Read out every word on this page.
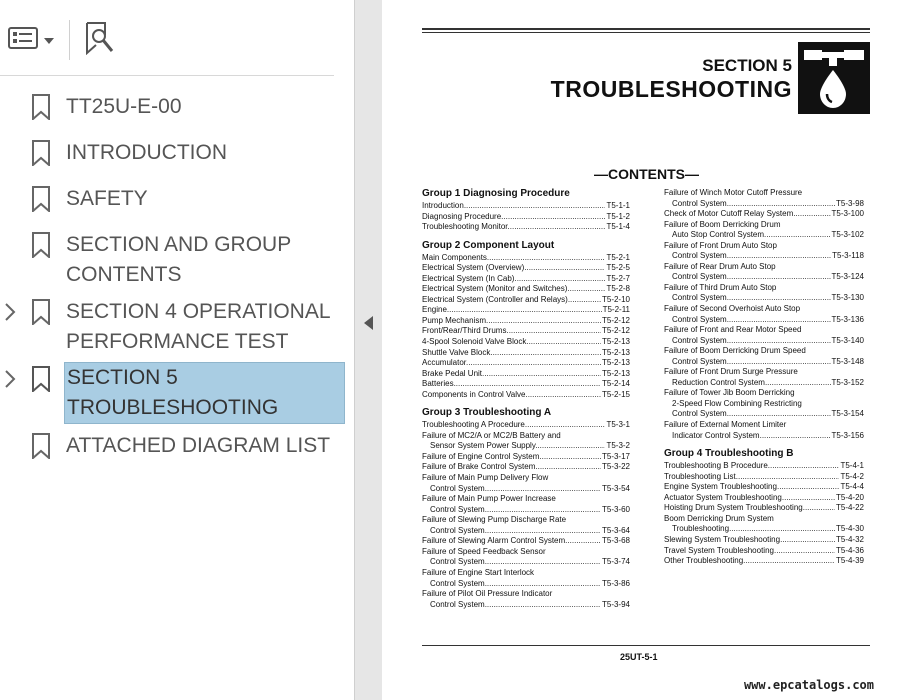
TT25U-E-00
INTRODUCTION
SAFETY
SECTION AND GROUP
CONTENTS
SECTION 4 OPERATIONAL
PERFORMANCE TEST
SECTION 5
TROUBLESHOOTING
ATTACHED DIAGRAM LIST
SECTION 5
TROUBLESHOOTING
—CONTENTS—
Group 1 Diagnosing Procedure
Introduction .....	T5-1-1
Diagnosing Procedure .....	T5-1-2
Troubleshooting Monitor .....	T5-1-4
Group 2 Component Layout
Main Components .....	T5-2-1
Electrical System (Overview) .....	T5-2-5
Electrical System (In Cab) .....	T5-2-7
Electrical System (Monitor and Switches) .....	T5-2-8
Electrical System (Controller and Relays) .....	T5-2-10
Engine .....	T5-2-11
Pump Mechanism .....	T5-2-12
Front/Rear/Third Drums .....	T5-2-12
4-Spool Solenoid Valve Block .....	T5-2-13
Shuttle Valve Block .....	T5-2-13
Accumulator .....	T5-2-13
Brake Pedal Unit .....	T5-2-13
Batteries .....	T5-2-14
Components in Control Valve .....	T5-2-15
Group 3 Troubleshooting A
Troubleshooting A Procedure .....	T5-3-1
Failure of MC2/A or MC2/B Battery and
Sensor System Power Supply .....	T5-3-2
Failure of Engine Control System .....	T5-3-17
Failure of Brake Control System .....	T5-3-22
Failure of Main Pump Delivery Flow
Control System .....	T5-3-54
Failure of Main Pump Power Increase
Control System .....	T5-3-60
Failure of Slewing Pump Discharge Rate
Control System .....	T5-3-64
Failure of Slewing Alarm Control System .....	T5-3-68
Failure of Speed Feedback Sensor
Control System .....	T5-3-74
Failure of Engine Start Interlock
Control System .....	T5-3-86
Failure of Pilot Oil Pressure Indicator
Control System .....	T5-3-94
Failure of Winch Motor Cutoff Pressure
Control System .....	T5-3-98
Check of Motor Cutoff Relay System .....	T5-3-100
Failure of Boom Derricking Drum
Auto Stop Control System .....	T5-3-102
Failure of Front Drum Auto Stop
Control System .....	T5-3-118
Failure of Rear Drum Auto Stop
Control System .....	T5-3-124
Failure of Third Drum Auto Stop
Control System .....	T5-3-130
Failure of Second Overhoist Auto Stop
Control System .....	T5-3-136
Failure of Front and Rear Motor Speed
Control System .....	T5-3-140
Failure of Boom Derricking Drum Speed
Control System .....	T5-3-148
Failure of Front Drum Surge Pressure
Reduction Control System .....	T5-3-152
Failure of Tower Jib Boom Derricking
2-Speed Flow Combining Restricting
Control System .....	T5-3-154
Failure of External Moment Limiter
Indicator Control System .....	T5-3-156
Group 4 Troubleshooting B
Troubleshooting B Procedure .....	T5-4-1
Troubleshooting List .....	T5-4-2
Engine System Troubleshooting .....	T5-4-4
Actuator System Troubleshooting .....	T5-4-20
Hoisting Drum System Troubleshooting .....	T5-4-22
Boom Derricking Drum System
Troubleshooting .....	T5-4-30
Slewing System Troubleshooting .....	T5-4-32
Travel System Troubleshooting .....	T5-4-36
Other Troubleshooting .....	T5-4-39
25UT-5-1
www.epcatalogs.com
